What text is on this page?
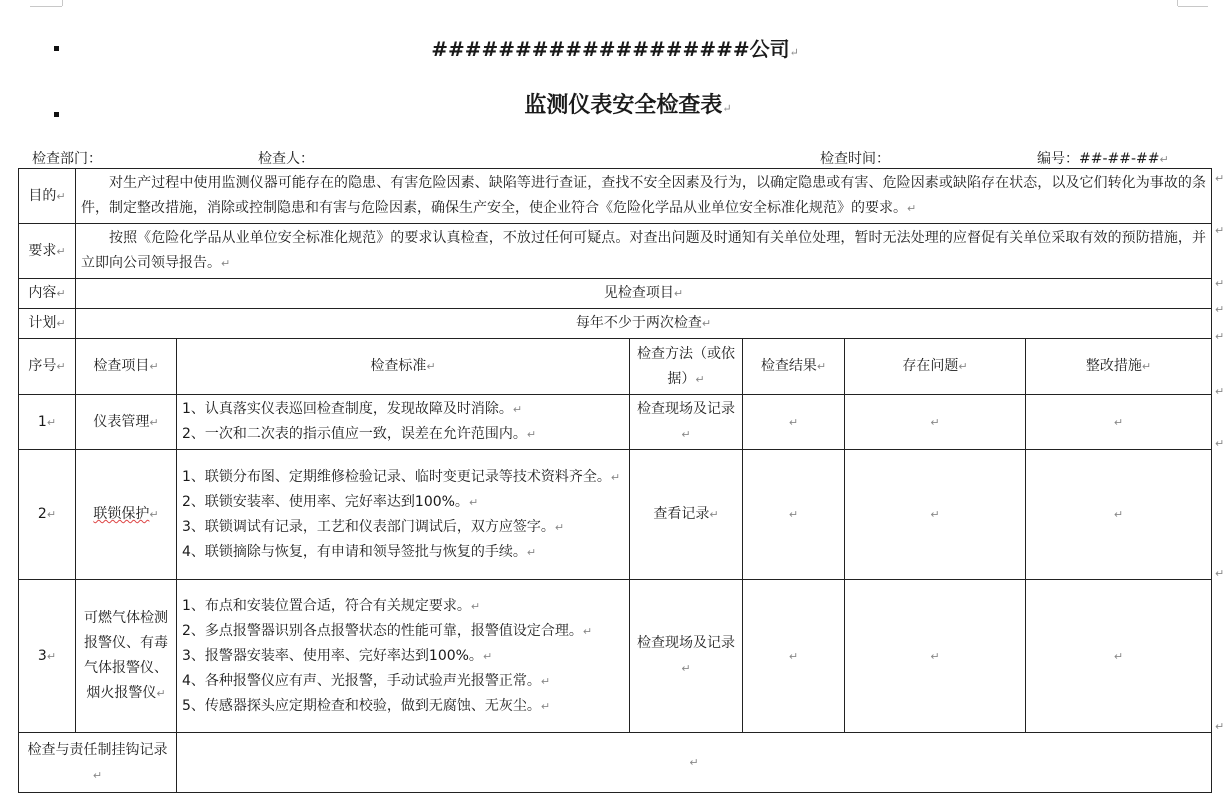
###################公司↵
监测仪表安全检查表↵
检查部门：	检查人：	检查时间：	编号：##-##-##↵
目的↵	对生产过程中使用监测仪器可能存在的隐患、有害危险因素、缺陷等进行查证，查找不安全因素及行为，以确定隐患或有害、危险因素或缺陷存在状态，以及它们转化为事故的条件，制定整改措施，消除或控制隐患和有害与危险因素，确保生产安全，使企业符合《危险化学品从业单位安全标准化规范》的要求。↵					
要求↵	按照《危险化学品从业单位安全标准化规范》的要求认真检查，不放过任何可疑点。对查出问题及时通知有关单位处理，暂时无法处理的应督促有关单位采取有效的预防措施，并立即向公司领导报告。↵					
内容↵	见检查项目↵					
计划↵	每年不少于两次检查↵					
序号↵	检查项目↵	检查标准↵	检查方法（或依据）↵	检查结果↵	存在问题↵	整改措施↵
1↵	仪表管理↵	1、认真落实仪表巡回检查制度，发现故障及时消除。↵
2、一次和二次表的指示值应一致，误差在允许范围内。↵	检查现场及记录↵	↵	↵	↵
2↵	联锁保护↵	1、联锁分布图、定期维修检验记录、临时变更记录等技术资料齐全。↵
2、联锁安装率、使用率、完好率达到100%。↵
3、联锁调试有记录，工艺和仪表部门调试后，双方应签字。↵
4、联锁摘除与恢复，有申请和领导签批与恢复的手续。↵	查看记录↵	↵	↵	↵
3↵	可燃气体检测报警仪、有毒气体报警仪、烟火报警仪↵	1、布点和安装位置合适，符合有关规定要求。↵
2、多点报警器识别各点报警状态的性能可靠，报警值设定合理。↵
3、报警器安装率、使用率、完好率达到100%。↵
4、各种报警仪应有声、光报警，手动试验声光报警正常。↵
5、传感器探头应定期检查和校验，做到无腐蚀、无灰尘。↵	检查现场及记录↵	↵	↵	↵
检查与责任制挂钩记录↵		↵				
↵
↵
↵
↵
↵
↵
↵
↵
↵
